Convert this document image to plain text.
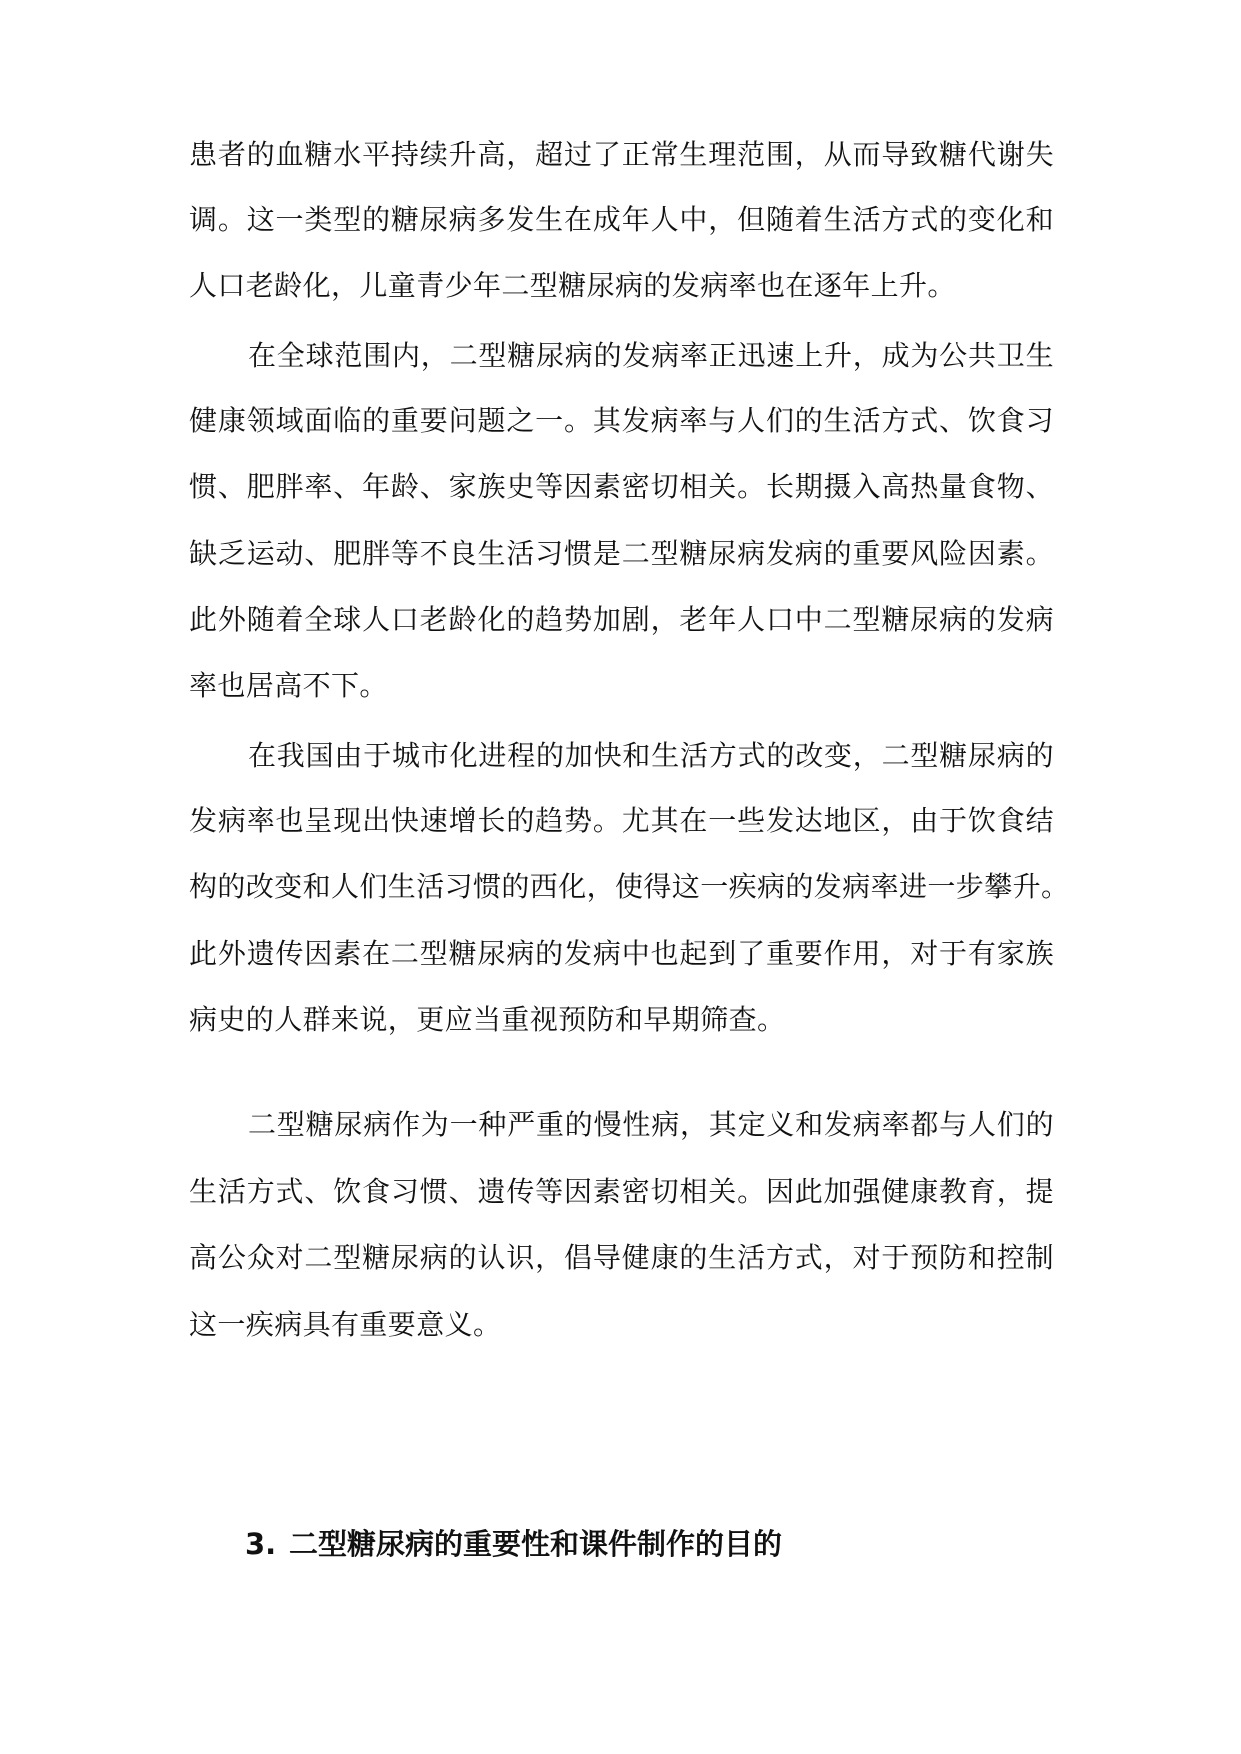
患者的血糖水平持续升高，超过了正常生理范围，从而导致糖代谢失
调。这一类型的糖尿病多发生在成年人中，但随着生活方式的变化和
人口老龄化，儿童青少年二型糖尿病的发病率也在逐年上升。
在全球范围内，二型糖尿病的发病率正迅速上升，成为公共卫生
健康领域面临的重要问题之一。其发病率与人们的生活方式、饮食习
惯、肥胖率、年龄、家族史等因素密切相关。长期摄入高热量食物、
缺乏运动、肥胖等不良生活习惯是二型糖尿病发病的重要风险因素。
此外随着全球人口老龄化的趋势加剧，老年人口中二型糖尿病的发病
率也居高不下。
在我国由于城市化进程的加快和生活方式的改变，二型糖尿病的
发病率也呈现出快速增长的趋势。尤其在一些发达地区，由于饮食结
构的改变和人们生活习惯的西化，使得这一疾病的发病率进一步攀升。
此外遗传因素在二型糖尿病的发病中也起到了重要作用，对于有家族
病史的人群来说，更应当重视预防和早期筛查。
二型糖尿病作为一种严重的慢性病，其定义和发病率都与人们的
生活方式、饮食习惯、遗传等因素密切相关。因此加强健康教育，提
高公众对二型糖尿病的认识，倡导健康的生活方式，对于预防和控制
这一疾病具有重要意义。
3. 二型糖尿病的重要性和课件制作的目的
